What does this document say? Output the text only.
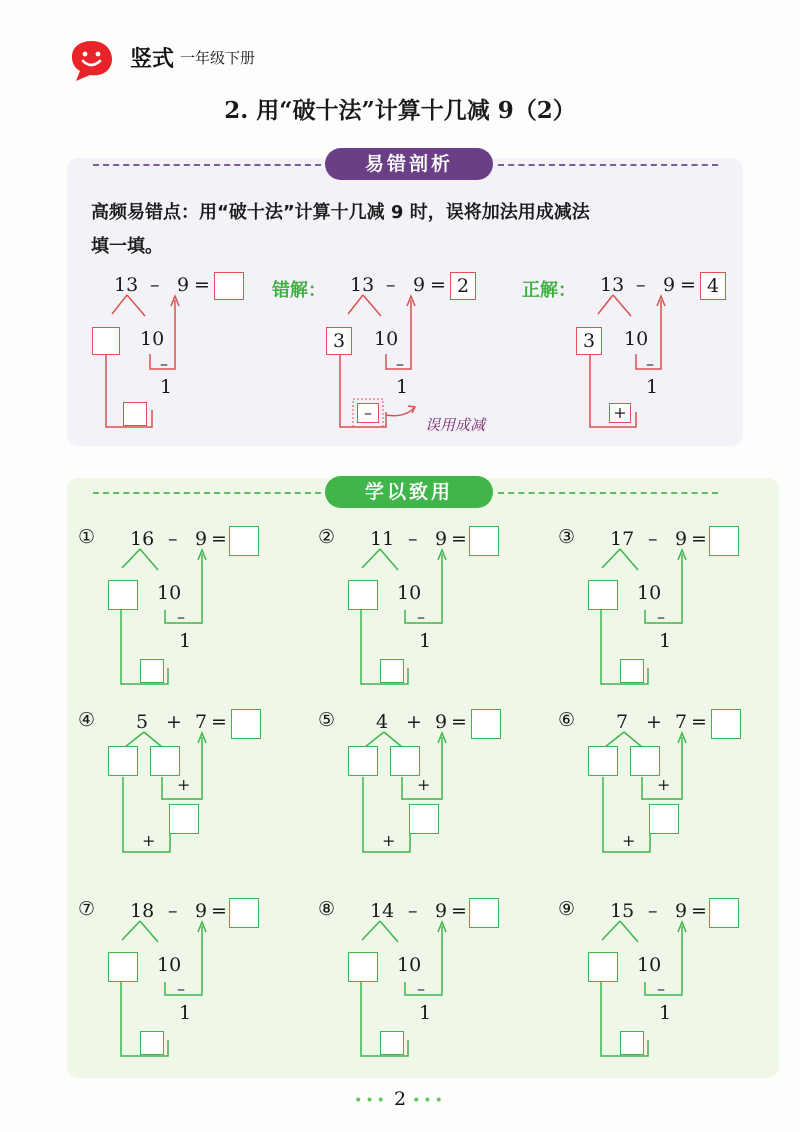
竖式 一年级下册
2. 用“破十法”计算十几减 9（2）
易错剖析
高频易错点：用“破十法”计算十几减 9 时，误将加法用成减法
填一填。
13 – 9 =
10
–
1
错解： 13 – 9 = 2
3	10
–
1
–
误用成减
正解： 13 – 9 = 4
3	10
–
1
+
学以致用
① 16 – 9 =
10
–
1
② 11 – 9 =
10
–
1
③ 17 – 9 =
10
–
1
④ 5 + 7 =
+
+
⑤ 4 + 9 =
+
+
⑥ 7 + 7 =
+
+
⑦ 18 – 9 =
10
–
1
⑧ 14 – 9 =
10
–
1
⑨ 15 – 9 =
10
–
1
••• 2 •••
